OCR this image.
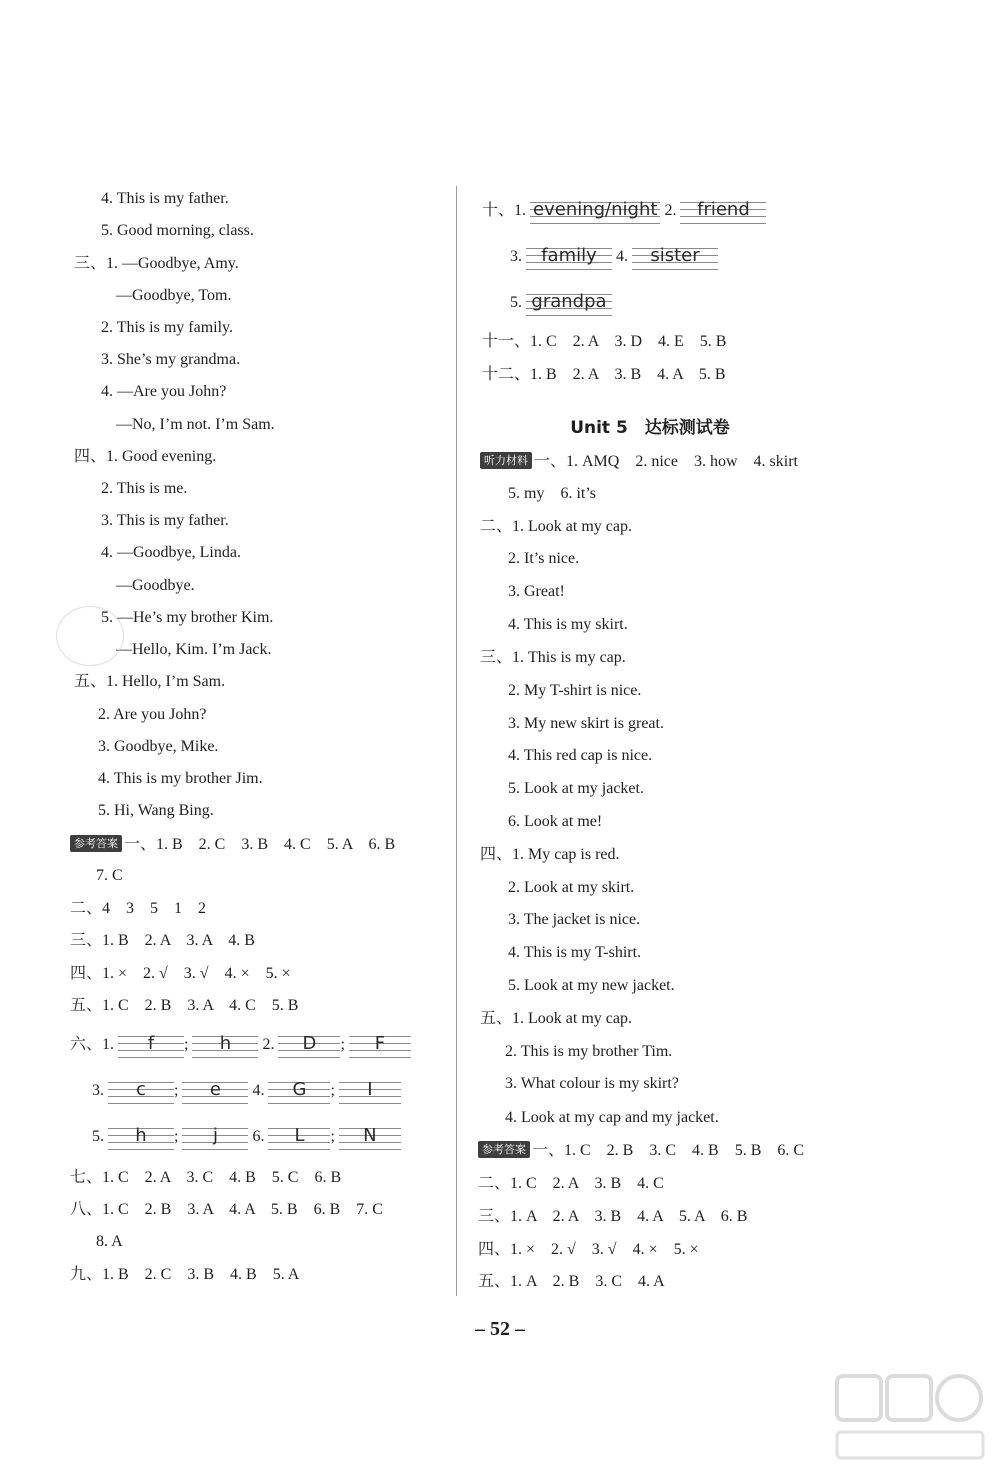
4. This is my father.
5. Good morning, class.
三、1. —Goodbye, Amy.
—Goodbye, Tom.
2. This is my family.
3. She’s my grandma.
4. —Are you John?
—No, I’m not. I’m Sam.
四、1. Good evening.
2. This is me.
3. This is my father.
4. —Goodbye, Linda.
—Goodbye.
5. —He’s my brother Kim.
—Hello, Kim. I’m Jack.
五、1. Hello, I’m Sam.
2. Are you John?
3. Goodbye, Mike.
4. This is my brother Jim.
5. Hi, Wang Bing.
参考答案 一、1. B　2. C　3. B　4. C　5. A　6. B
7. C
二、4　3　5　1　2
三、1. B　2. A　3. A　4. B
四、1. ×　2. √　3. √　4. ×　5. ×
五、1. C　2. B　3. A　4. C　5. B
六、1. f ; h 2. D ; F
3. c ; e 4. G ; I
5. h ; j 6. L ; N
七、1. C　2. A　3. C　4. B　5. C　6. B
八、1. C　2. B　3. A　4. A　5. B　6. B　7. C
8. A
九、1. B　2. C　3. B　4. B　5. A
十、1. evening/night 2. friend
3. family 4. sister
5. grandpa
十一、1. C　2. A　3. D　4. E　5. B
十二、1. B　2. A　3. B　4. A　5. B
Unit 5　达标测试卷
听力材料 一、1. AMQ　2. nice　3. how　4. skirt
5. my　6. it’s
二、1. Look at my cap.
2. It’s nice.
3. Great!
4. This is my skirt.
三、1. This is my cap.
2. My T-shirt is nice.
3. My new skirt is great.
4. This red cap is nice.
5. Look at my jacket.
6. Look at me!
四、1. My cap is red.
2. Look at my skirt.
3. The jacket is nice.
4. This is my T-shirt.
5. Look at my new jacket.
五、1. Look at my cap.
2. This is my brother Tim.
3. What colour is my skirt?
4. Look at my cap and my jacket.
参考答案 一、1. C　2. B　3. C　4. B　5. B　6. C
二、1. C　2. A　3. B　4. C
三、1. A　2. A　3. B　4. A　5. A　6. B
四、1. ×　2. √　3. √　4. ×　5. ×
五、1. A　2. B　3. C　4. A
– 52 –
